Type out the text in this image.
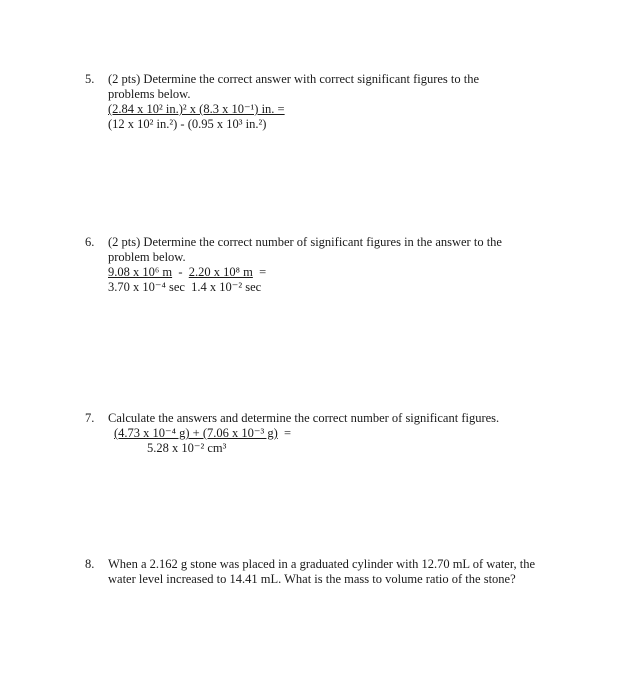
5. (2 pts) Determine the correct answer with correct significant figures to the
problems below.
(2.84 x 10² in.)² x (8.3 x 10⁻¹) in. =
(12 x 10² in.²) - (0.95 x 10³ in.²)
6. (2 pts) Determine the correct number of significant figures in the answer to the
problem below.
9.08 x 10⁶ m - 2.20 x 10⁸ m =
3.70 x 10⁻⁴ sec 1.4 x 10⁻² sec
7. Calculate the answers and determine the correct number of significant figures.
(4.73 x 10⁻⁴ g) + (7.06 x 10⁻³ g) =
5.28 x 10⁻² cm³
8. When a 2.162 g stone was placed in a graduated cylinder with 12.70 mL of water, the
water level increased to 14.41 mL. What is the mass to volume ratio of the stone?
